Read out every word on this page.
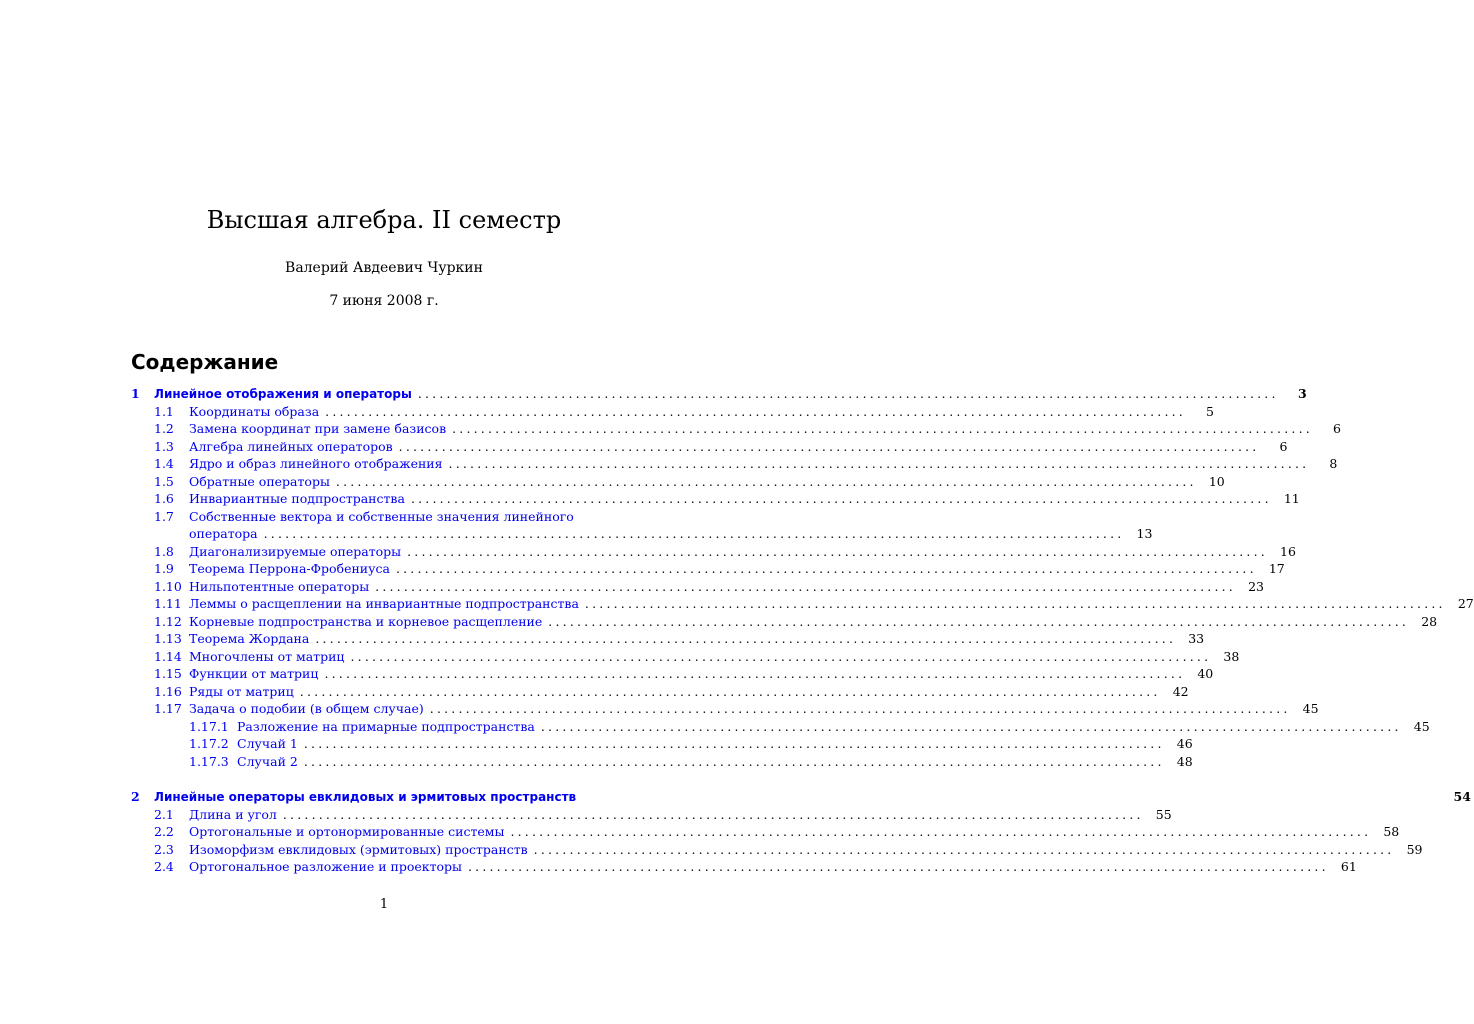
Высшая алгебра. II семестр
Валерий Авдеевич Чуркин
7 июня 2008 г.
Содержание
1	Линейное отображения и операторы ........................................................................................................................	3
1.1	Координаты образа ........................................................................................................................	5
1.2	Замена координат при замене базисов ........................................................................................................................	6
1.3	Алгебра линейных операторов ........................................................................................................................	6
1.4	Ядро и образ линейного отображения ........................................................................................................................	8
1.5	Обратные операторы ........................................................................................................................ 10
1.6	Инвариантные подпространства ........................................................................................................................ 11
1.7	Собственные вектора и собственные значения линейного
оператора ........................................................................................................................ 13
1.8	Диагонализируемые операторы ........................................................................................................................ 16
1.9	Теорема Перрона-Фробениуса ........................................................................................................................ 17
1.10 Нильпотентные операторы ........................................................................................................................ 23
1.11 Леммы о расщеплении на инвариантные подпространства ........................................................................................................................ 27
1.12 Корневые подпространства и корневое расщепление ........................................................................................................................ 28
1.13 Теорема Жордана ........................................................................................................................ 33
1.14 Многочлены от матриц ........................................................................................................................ 38
1.15 Функции от матриц ........................................................................................................................ 40
1.16 Ряды от матриц ........................................................................................................................ 42
1.17 Задача о подобии (в общем случае) ........................................................................................................................ 45
1.17.1 Разложение на примарные подпространства ........................................................................................................................ 45
1.17.2 Случай 1 ........................................................................................................................ 46
1.17.3 Случай 2 ........................................................................................................................ 48
2	Линейные операторы евклидовых и эрмитовых пространств	54
2.1	Длина и угол ........................................................................................................................ 55
2.2	Ортогональные и ортонормированные системы ........................................................................................................................ 58
2.3	Изоморфизм евклидовых (эрмитовых) пространств ........................................................................................................................ 59
2.4	Ортогональное разложение и проекторы ........................................................................................................................ 61
1
